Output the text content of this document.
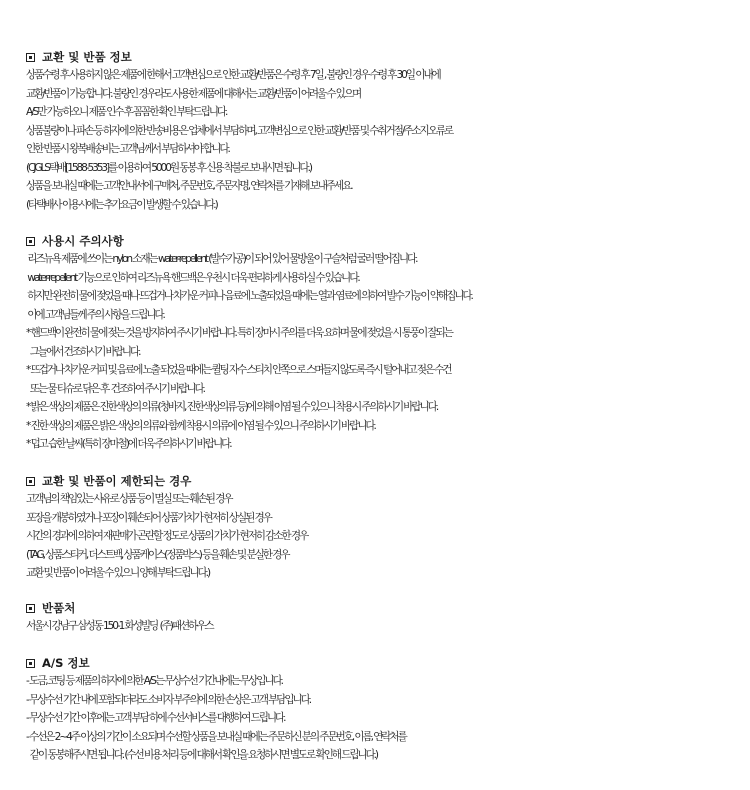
교환 및 반품 정보
상품수령 후 사용하지 않은 제품에 한해서 고객변심으로 인한 교환/반품은 수령 후 7일 , 불량인 경우 수령 후 30일 이내에
교환/반품이 가능합니다. 불량인 경우라도 사용한 제품에 대해서는 교환/반품이 어려울 수 있으며
A/S만 가능하오니 제품 인수 후 꼼꼼한 확인 부탁드립니다.
상품불량이나 파손 등 하자에 의한 반송비용은 업체에서 부담하며, 고객변심으로 인한 교환/반품 및 수취거절/주소지오류로
인한 반품시 왕복배송비는 고객님께서 부담하셔야 합니다.
(CJGLS택배[1588-5353]를 이용하여 5000원 동봉 후 신용 착불로 보내시면 됩니다.)
상품을 보내실 때에는 고객안내서에 구매처, 주문번호, 주문자명, 연락처를 기재해 보내주세요.
(타택배사 이용시에는 추가요금이 발생할 수 있습니다.)
사용시 주의사항
리즈뉴욕 제품에 쓰이는 nylon 소재는 water-repellent (발수가공)이 되어 있어 물방울이 구슬처럼 굴러 떨어집니다.
water-repellent 기능으로 인하여 리즈뉴욕 핸드백은 우천시 더욱 편리하게 사용하실 수 있습니다.
하지만 완전히 물에 젖었을 때나 뜨겁거나 차가운 커피나 음료에 노출되었을 때에는 열과 염료에 의하여 발수 기능이 약해집니다.
이에 고객님들께 주의 사항을 드립니다.
* 핸드백이 완전히 물에 젖는 것을 방지하여 주시기 바랍니다. 특히 장마시 주의를 더욱 요하며 물에 젖었을 시 통풍이 잘되는
그늘에서 건조하시기 바랍니다.
* 뜨겁거나 차가운 커피 및 음료에 노출 되었을 때에는 퀼팅 자수 스티치 안쪽으로 스며들지 않도록 즉시 털어내고 젖은 수건
또는 물 티슈로 닦은 후  건조하여 주시기 바랍니다.
* 밝은 색상의 제품은 진한색상의 의류(청바지, 진한색상의류 등)에 의해 이염 될 수 있으니 착용시 주의하시기 바랍니다.
* 진한 색상의 제품은 밝은 색상의 의류와 함께 착용시 의류에 이염 될 수 있으니 주의하시기 바랍니다.
* 덥고 습한 날씨(특히 장마철)에 더욱 주의하시기 바랍니다.
교환 및 반품이 제한되는 경우
고객님의 책임있는 사유로 상품 등이 멸실 또는 훼손된 경우
포장을 개봉하였거나 포장이 훼손되어 상품가치가 현저히 상실된 경우
시간의 경과에 의하여 재판매가 곤란할 정도로 상품의 가치가 현저히 감소한 경우
(TAG, 상품스티커, 더스트백, 상품케이스(정품박스) 등을 훼손 및 분실한 경우
교환 및 반품이 어려울 수 있으니 양해 부탁드립니다.)
반품처
서울시 강남구 삼성동 150-1 화성빌딩  (주)패션하우스
A/S 정보
- 도금, 코팅 등 제품의 하자에 의한 A/S는 무상수선 기간내에는 무상입니다.
- 무상수선 기간 내에 포함되더라도 소비자 부주의에 의한 손상은 고객 부담입니다.
- 무상수선 기간 이후에는 고객 부담 하에 수선서비스를 대행하여 드립니다.
- 수선은 2~4주 이상의 기간이 소요되며 수선할 상품을 보내실 때에는 주문하신 분의 주문번호, 이름, 연락처를
같이 동봉해주시면 됩니다. (수선 비용 처리 등에 대해서 확인을 요청하시면 별도로 확인해 드립니다.)
